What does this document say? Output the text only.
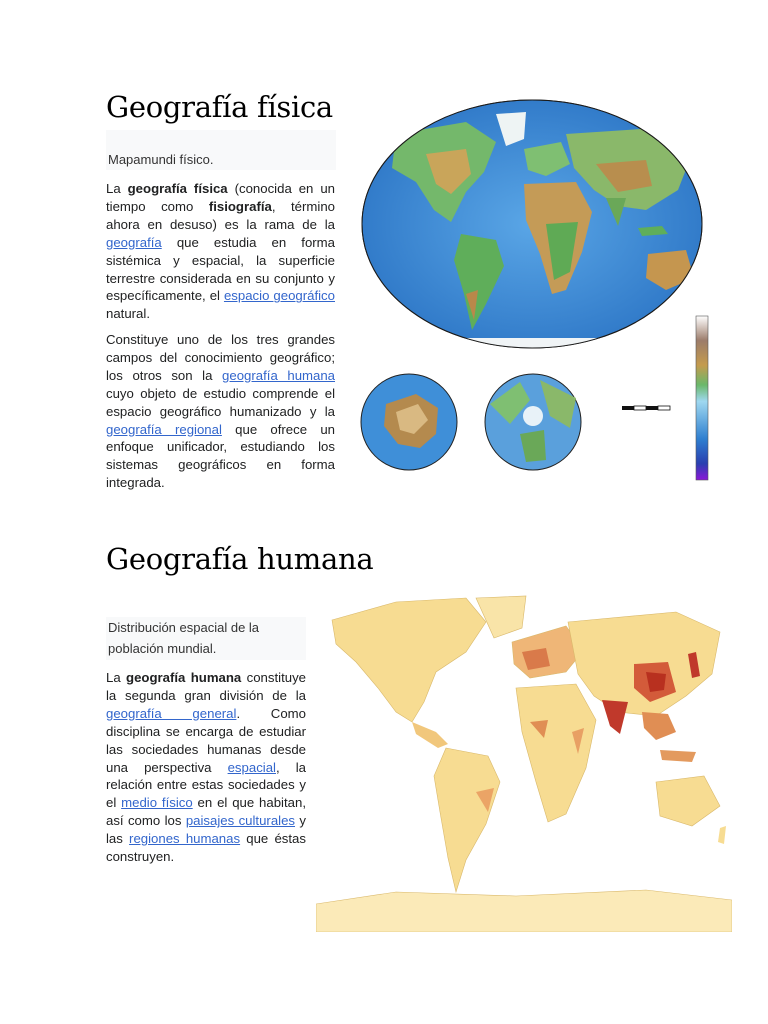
Geografía física
Mapamundi físico.

La geografía física (conocida en un tiempo como fisiografía, término ahora en desuso) es la rama de la geografía que estudia en forma sistémica y espacial, la superficie terrestre considerada en su conjunto y específicamente, el espacio geográfico natural.

Constituye uno de los tres grandes campos del conocimiento geográfico; los otros son la geografía humana cuyo objeto de estudio comprende el espacio geográfico humanizado y la geografía regional que ofrece un enfoque unificador, estudiando los sistemas geográficos en forma integrada.

Geografía humana
Distribución espacial de la población mundial.

La geografía humana constituye la segunda gran división de la geografía general. Como disciplina se encarga de estudiar las sociedades humanas desde una perspectiva espacial, la relación entre estas sociedades y el medio físico en el que habitan, así como los paisajes culturales y las regiones humanas que éstas construyen.
